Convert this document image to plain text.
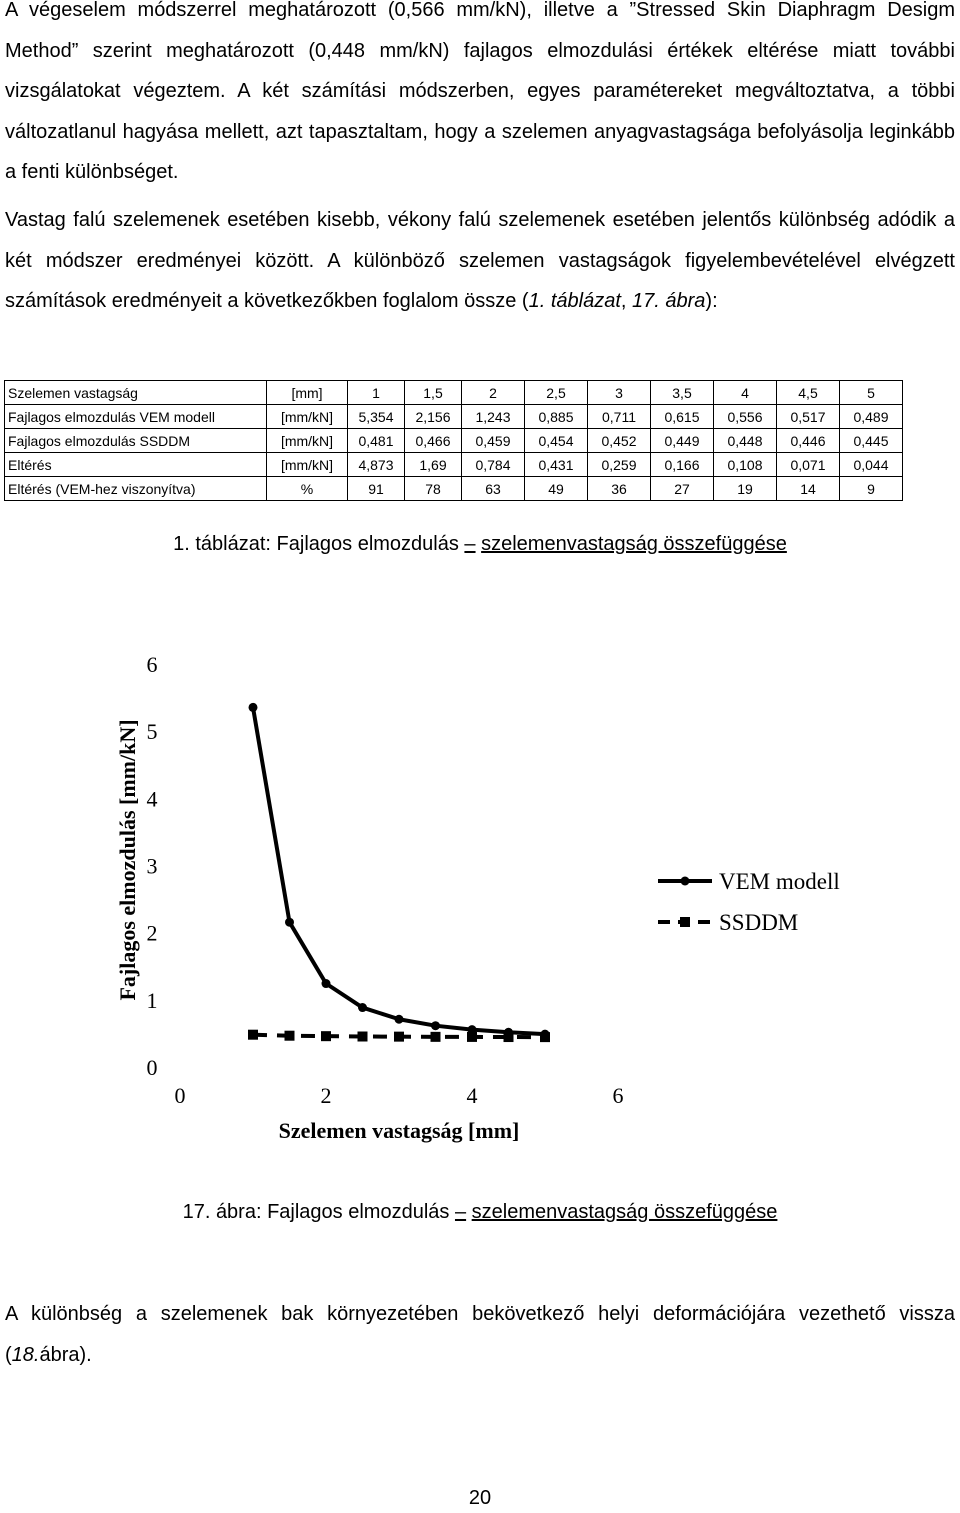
A végeselem módszerrel meghatározott (0,566 mm/kN), illetve a ”Stressed Skin Diaphragm Desigm Method” szerint meghatározott (0,448 mm/kN) fajlagos elmozdulási értékek eltérése miatt további vizsgálatokat végeztem. A két számítási módszerben, egyes paramétereket megváltoztatva, a többi változatlanul hagyása mellett, azt tapasztaltam, hogy a szelemen anyagvastagsága befolyásolja leginkább a fenti különbséget.

Vastag falú szelemenek esetében kisebb, vékony falú szelemenek esetében jelentős különbség adódik a két módszer eredményei között. A különböző szelemen vastagságok figyelembevételével elvégzett számítások eredményeit a következőkben foglalom össze (1. táblázat, 17. ábra):

Szelemen vastagság	[mm]	1	1,5	2	2,5	3	3,5	4	4,5	5
Fajlagos elmozdulás VEM modell	[mm/kN]	5,354	2,156	1,243	0,885	0,711	0,615	0,556	0,517	0,489
Fajlagos elmozdulás SSDDM	[mm/kN]	0,481	0,466	0,459	0,454	0,452	0,449	0,448	0,446	0,445
Eltérés	[mm/kN]	4,873	1,69	0,784	0,431	0,259	0,166	0,108	0,071	0,044
Eltérés (VEM-hez viszonyítva)	%	91	78	63	49	36	27	19	14	9
1. táblázat: Fajlagos elmozdulás – szelemenvastagság összefüggése
0
1
2
3
4
5
6
0	2	4	6
Fajlagos elmozdulás [mm/kN]
Szelemen vastagság [mm]
VEM modell
SSDDM
17. ábra: Fajlagos elmozdulás – szelemenvastagság összefüggése

A különbség a szelemenek bak környezetében bekövetkező helyi deformációjára vezethető vissza (18.ábra).

20
